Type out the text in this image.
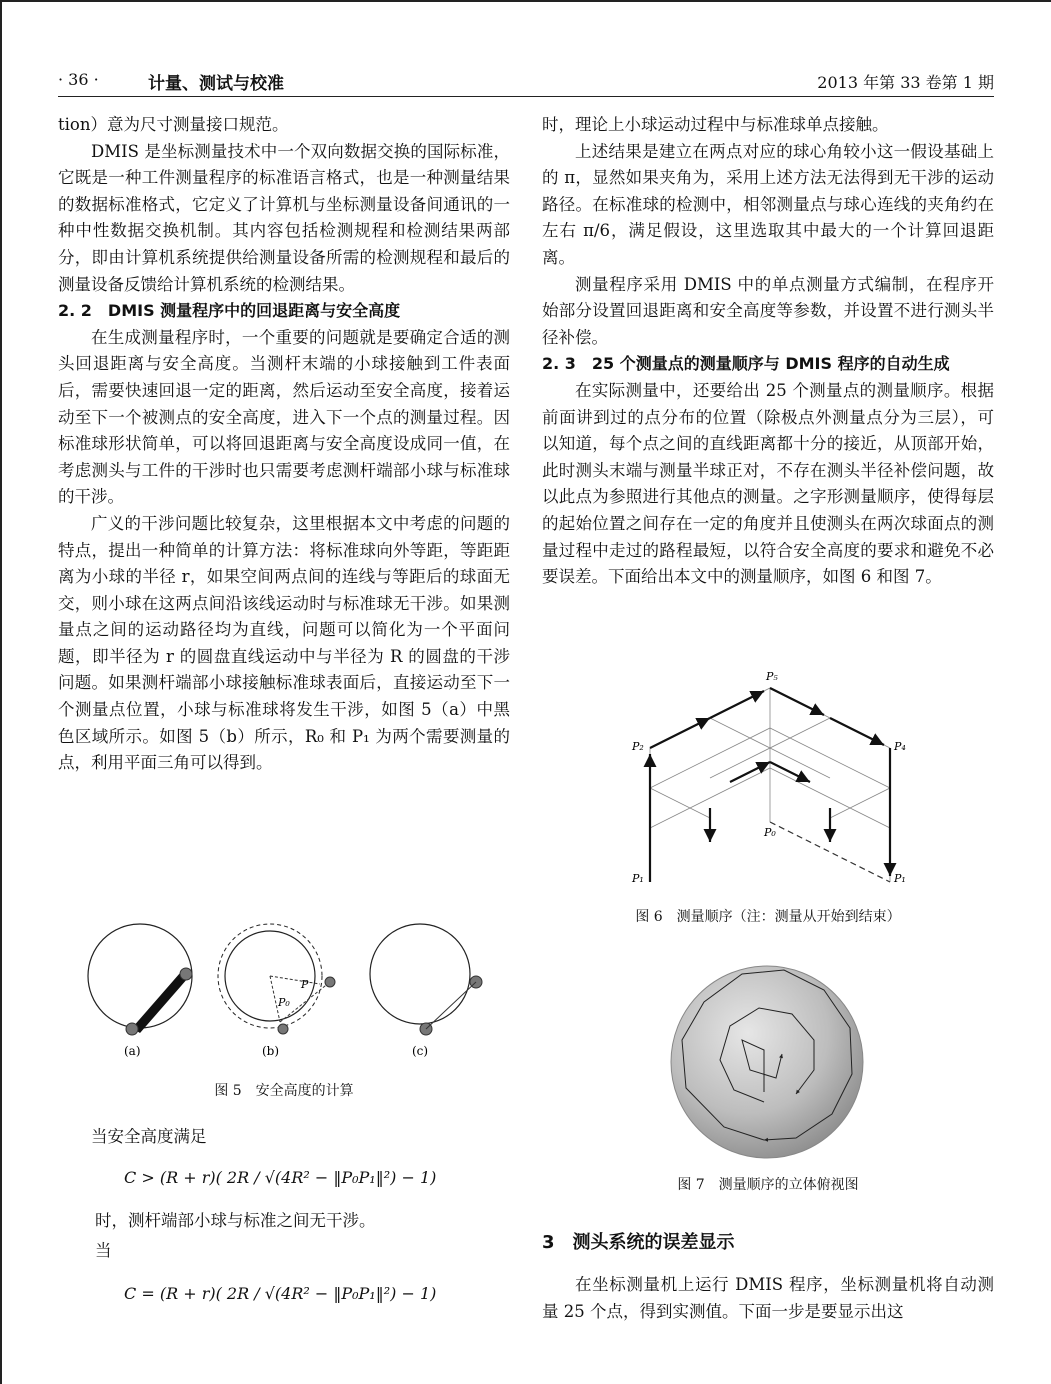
· 36 ·	计量、测试与校准	2013 年第 33 卷第 1 期

tion）意为尺寸测量接口规范。

DMIS 是坐标测量技术中一个双向数据交换的国际标准，它既是一种工件测量程序的标准语言格式，也是一种测量结果的数据标准格式，它定义了计算机与坐标测量设备间通讯的一种中性数据交换机制。其内容包括检测规程和检测结果两部分，即由计算机系统提供给测量设备所需的检测规程和最后的测量设备反馈给计算机系统的检测结果。

2. 2　DMIS 测量程序中的回退距离与安全高度

在生成测量程序时，一个重要的问题就是要确定合适的测头回退距离与安全高度。当测杆末端的小球接触到工件表面后，需要快速回退一定的距离，然后运动至安全高度，接着运动至下一个被测点的安全高度，进入下一个点的测量过程。因标准球形状简单，可以将回退距离与安全高度设成同一值，在考虑测头与工件的干涉时也只需要考虑测杆端部小球与标准球的干涉。

广义的干涉问题比较复杂，这里根据本文中考虑的问题的特点，提出一种简单的计算方法：将标准球向外等距，等距距离为小球的半径 r，如果空间两点间的连线与等距后的球面无交，则小球在这两点间沿该线运动时与标准球无干涉。如果测量点之间的运动路径均为直线，问题可以简化为一个平面问题，即半径为 r 的圆盘直线运动中与半径为 R 的圆盘的干涉问题。如果测杆端部小球接触标准球表面后，直接运动至下一个测量点位置，小球与标准球将发生干涉，如图 5（a）中黑色区域所示。如图 5（b）所示，R₀ 和 P₁ 为两个需要测量的点，利用平面三角可以得到。

P
P₀
(a)	(b)	(c)
图 5　安全高度的计算

当安全高度满足

C > (R + r)( 2R / √(4R² − ‖P₀P₁‖²) − 1)

时，测杆端部小球与标准之间无干涉。

当

C = (R + r)( 2R / √(4R² − ‖P₀P₁‖²) − 1)

时，理论上小球运动过程中与标准球单点接触。

上述结果是建立在两点对应的球心角较小这一假设基础上的 π，显然如果夹角为，采用上述方法无法得到无干涉的运动路径。在标准球的检测中，相邻测量点与球心连线的夹角约在左右 π/6，满足假设，这里选取其中最大的一个计算回退距离。

测量程序采用 DMIS 中的单点测量方式编制，在程序开始部分设置回退距离和安全高度等参数，并设置不进行测头半径补偿。

2. 3　25 个测量点的测量顺序与 DMIS 程序的自动生成

在实际测量中，还要给出 25 个测量点的测量顺序。根据前面讲到过的点分布的位置（除极点外测量点分为三层），可以知道，每个点之间的直线距离都十分的接近，从顶部开始，此时测头末端与测量半球正对，不存在测头半径补偿问题，故以此点为参照进行其他点的测量。之字形测量顺序，使得每层的起始位置之间存在一定的角度并且使测头在两次球面点的测量过程中走过的路程最短，以符合安全高度的要求和避免不必要误差。下面给出本文中的测量顺序，如图 6 和图 7。

P₅
P₂	P₄
P₀
P₁	P₁
图 6　测量顺序（注：测量从开始到结束）
图 7　测量顺序的立体俯视图
3　测头系统的误差显示

在坐标测量机上运行 DMIS 程序，坐标测量机将自动测量 25 个点，得到实测值。下面一步是要显示出这
